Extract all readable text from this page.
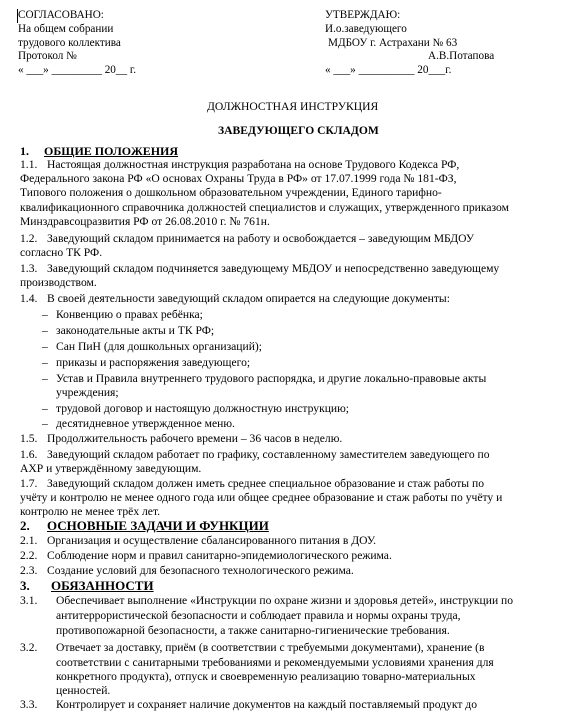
СОГЛАСОВАНО:
На общем собрании
трудового коллектива
Протокол №
« ___» _________ 20__ г.
УТВЕРЖДАЮ:
И.о.заведующего
МДБОУ г. Астрахани № 63
А.В.Потапова
« ___» __________ 20___г.
ДОЛЖНОСТНАЯ ИНСТРУКЦИЯ
ЗАВЕДУЮЩЕГО СКЛАДОМ
1. ОБЩИЕ ПОЛОЖЕНИЯ
1.1. Настоящая должностная инструкция разработана на основе Трудового Кодекса РФ,
Федерального закона РФ «О основах Охраны Труда в РФ» от 17.07.1999 года № 181-ФЗ,
Типового положения о дошкольном образовательном учреждении, Единого тарифно-
квалификационного справочника должностей специалистов и служащих, утвержденного приказом
Минздравсоцразвития РФ от 26.08.2010 г. № 761н.
1.2. Заведующий складом принимается на работу и освобождается – заведующим МБДОУ
согласно ТК РФ.
1.3. Заведующий складом подчиняется заведующему МБДОУ и непосредственно заведующему
производством.
1.4. В своей деятельности заведующий складом опирается на следующие документы:
– Конвенцию о правах ребёнка;
– законодательные акты и ТК РФ;
– Сан ПиН (для дошкольных организаций);
– приказы и распоряжения заведующего;
– Устав и Правила внутреннего трудового распорядка, и другие локально-правовые акты
учреждения;
– трудовой договор и настоящую должностную инструкцию;
– десятидневное утвержденное меню.
1.5. Продолжительность рабочего времени – 36 часов в неделю.
1.6. Заведующий складом работает по графику, составленному заместителем заведующего по
АХР и утверждённому заведующим.
1.7. Заведующий складом должен иметь среднее специальное образование и стаж работы по
учёту и контролю не менее одного года или общее среднее образование и стаж работы по учёту и
контролю не менее трёх лет.
2. ОСНОВНЫЕ ЗАДАЧИ И ФУНКЦИИ
2.1. Организация и осуществление сбалансированного питания в ДОУ.
2.2. Соблюдение норм и правил санитарно-эпидемиологического режима.
2.3. Создание условий для безопасного технологического режима.
3. ОБЯЗАННОСТИ
3.1. Обеспечивает выполнение «Инструкции по охране жизни и здоровья детей», инструкции по
антитеррористической безопасности и соблюдает правила и нормы охраны труда,
противопожарной безопасности, а также санитарно-гигиенические требования.
3.2. Отвечает за доставку, приём (в соответствии с требуемыми документами), хранение (в
соответствии с санитарными требованиями и рекомендуемыми условиями хранения для
конкретного продукта), отпуск и своевременную реализацию товарно-материальных
ценностей.
3.3. Контролирует и сохраняет наличие документов на каждый поставляемый продукт до
